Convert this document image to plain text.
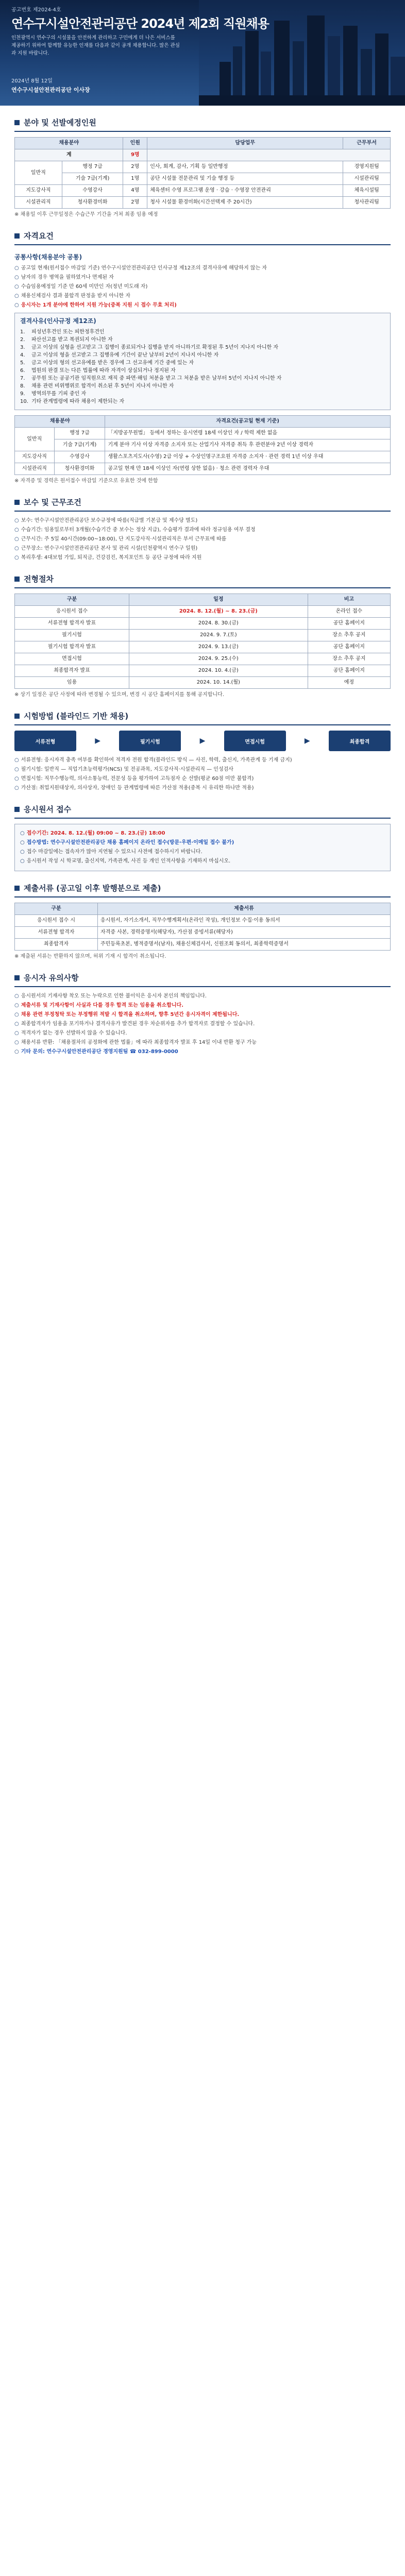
공고번호 제2024-4호
연수구시설안전관리공단 2024년 제2회 직원채용
인천광역시 연수구의 시설물을 안전하게 관리하고 구민에게 더 나은 서비스를 제공하기 위하여 함께할 유능한 인재를 다음과 같이 공개 채용합니다. 많은 관심과 지원 바랍니다.
2024년 8월 12일
연수구시설안전관리공단 이사장
분야 및 선발예정인원
채용분야		인원	담당업무	근무부서
계		9명		
일반직	행정 7급	2명	인사, 회계, 감사, 기획 등 일반행정	경영지원팀
	기술 7급(기계)	1명	공단 시설물 전문관리 및 기술 행정 등	시설관리팀
지도강사직	수영강사	4명	체육센터 수영 프로그램 운영 · 강습 · 수영장 안전관리	체육시설팀
시설관리직	청사환경미화	2명	청사 시설물 환경미화(시간선택제 주 20시간)	청사관리팀

※ 채용일 이후 근무일정은 수습근무 기간을 거쳐 최종 임용 예정

자격요건
공통사항(채용분야 공통)
○ 공고일 현재(원서접수 마감일 기준) 연수구시설안전관리공단 인사규정 제12조의 결격사유에 해당하지 않는 자
○ 남자의 경우 병역을 필하였거나 면제된 자
○ 수습임용예정일 기준 만 60세 미만인 자(정년 미도래 자)
○ 채용신체검사 결과 불합격 판정을 받지 아니한 자
○ 응시자는 1개 분야에 한하여 지원 가능(중복 지원 시 접수 무효 처리)
결격사유(인사규정 제12조)
1.	피성년후견인 또는 피한정후견인
2.	파산선고를 받고 복권되지 아니한 자
3.	금고 이상의 실형을 선고받고 그 집행이 종료되거나 집행을 받지 아니하기로 확정된 후 5년이 지나지 아니한 자
4.	금고 이상의 형을 선고받고 그 집행유예 기간이 끝난 날부터 2년이 지나지 아니한 자
5.	금고 이상의 형의 선고유예를 받은 경우에 그 선고유예 기간 중에 있는 자
6.	법원의 판결 또는 다른 법률에 따라 자격이 상실되거나 정지된 자
7.	공무원 또는 공공기관 임직원으로 재직 중 파면·해임 처분을 받고 그 처분을 받은 날부터 5년이 지나지 아니한 자
8.	채용 관련 비위행위로 합격이 취소된 후 5년이 지나지 아니한 자
9.	병역의무를 기피 중인 자
10. 기타 관계법령에 따라 채용이 제한되는 자
채용분야		자격요건(공고일 현재 기준)
일반직	행정 7급	「지방공무원법」 등에서 정하는 응시연령 18세 이상인 자 / 학력 제한 없음
	기술 7급(기계)	기계 분야 기사 이상 자격증 소지자 또는 산업기사 자격증 취득 후 관련분야 2년 이상 경력자
지도강사직	수영강사	생활스포츠지도사(수영) 2급 이상 + 수상인명구조요원 자격증 소지자 · 관련 경력 1년 이상 우대
시설관리직	청사환경미화	공고일 현재 만 18세 이상인 자(연령 상한 없음) · 청소 관련 경력자 우대

※ 자격증 및 경력은 원서접수 마감일 기준으로 유효한 것에 한함

보수 및 근무조건
○ 보수: 연수구시설안전관리공단 보수규정에 따름(직급별 기본급 및 제수당 별도)
○ 수습기간: 임용일로부터 3개월(수습기간 중 보수는 정상 지급), 수습평가 결과에 따라 정규임용 여부 결정
○ 근무시간: 주 5일 40시간(09:00~18:00), 단 지도강사직·시설관리직은 부서 근무표에 따름
○ 근무장소: 연수구시설안전관리공단 본사 및 관리 시설(인천광역시 연수구 일원)
○ 복리후생: 4대보험 가입, 퇴직금, 건강검진, 복지포인트 등 공단 규정에 따라 지원
전형절차
구분	일정	비고
응시원서 접수	2024. 8. 12.(월) ~ 8. 23.(금)	온라인 접수
서류전형 합격자 발표	2024. 8. 30.(금)	공단 홈페이지
필기시험	2024. 9. 7.(토)	장소 추후 공지
필기시험 합격자 발표	2024. 9. 13.(금)	공단 홈페이지
면접시험	2024. 9. 25.(수)	장소 추후 공지
최종합격자 발표	2024. 10. 4.(금)	공단 홈페이지
임용	2024. 10. 14.(월)	예정

※ 상기 일정은 공단 사정에 따라 변경될 수 있으며, 변경 시 공단 홈페이지를 통해 공지합니다.

시험방법 (블라인드 기반 채용)
서류전형	▶	필기시험	▶	면접시험	▶	최종합격
○ 서류전형: 응시자격 충족 여부를 확인하여 적격자 전원 합격(블라인드 방식 — 사진, 학력, 출신지, 가족관계 등 기재 금지)
○ 필기시험: 일반직 — 직업기초능력평가(NCS) 및 전공과목, 지도강사직·시설관리직 — 인성검사
○ 면접시험: 직무수행능력, 의사소통능력, 전문성 등을 평가하여 고득점자 순 선발(평균 60점 미만 불합격)
○ 가산점: 취업지원대상자, 의사상자, 장애인 등 관계법령에 따른 가산점 적용(중복 시 유리한 하나만 적용)
응시원서 접수
○ 접수기간: 2024. 8. 12.(월) 09:00 ~ 8. 23.(금) 18:00
○ 접수방법: 연수구시설안전관리공단 채용 홈페이지 온라인 접수(방문·우편·이메일 접수 불가)
○ 접수 마감일에는 접속자가 많아 지연될 수 있으니 사전에 접수하시기 바랍니다.
○ 응시원서 작성 시 학교명, 출신지역, 가족관계, 사진 등 개인 인적사항을 기재하지 마십시오.
제출서류 (공고일 이후 발행분으로 제출)
구분	제출서류
응시원서 접수 시	응시원서, 자기소개서, 직무수행계획서(온라인 작성), 개인정보 수집·이용 동의서
서류전형 합격자	자격증 사본, 경력증명서(해당자), 가산점 증빙서류(해당자)
최종합격자	주민등록초본, 병적증명서(남자), 채용신체검사서, 신원조회 동의서, 최종학력증명서

※ 제출된 서류는 반환하지 않으며, 허위 기재 시 합격이 취소됩니다.

응시자 유의사항
○ 응시원서의 기재사항 착오 또는 누락으로 인한 불이익은 응시자 본인의 책임입니다.
○ 제출서류 및 기재사항이 사실과 다를 경우 합격 또는 임용을 취소합니다.
○ 채용 관련 부정청탁 또는 부정행위 적발 시 합격을 취소하며, 향후 5년간 응시자격이 제한됩니다.
○ 최종합격자가 임용을 포기하거나 결격사유가 발견된 경우 차순위자를 추가 합격자로 결정할 수 있습니다.
○ 적격자가 없는 경우 선발하지 않을 수 있습니다.
○ 채용서류 반환: 「채용절차의 공정화에 관한 법률」에 따라 최종합격자 발표 후 14일 이내 반환 청구 가능
○ 기타 문의: 연수구시설안전관리공단 경영지원팀 ☎ 032-899-0000
